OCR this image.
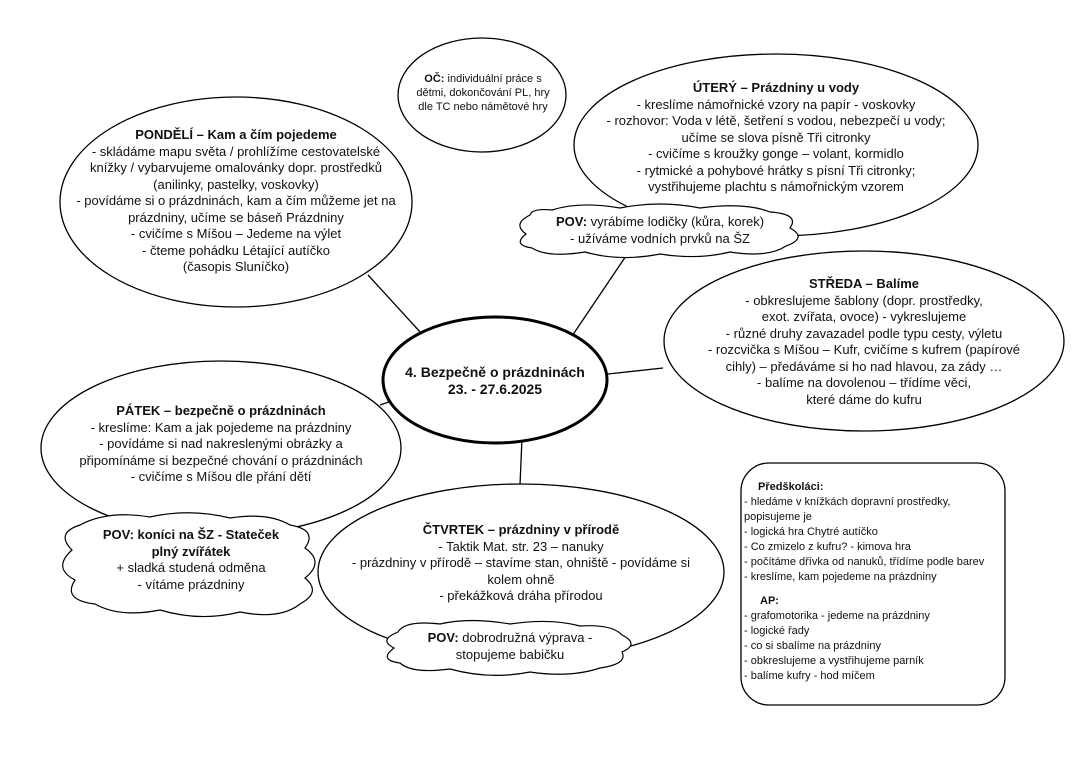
OČ: individuální práce s
dětmi, dokončování PL, hry
dle TC nebo námětové hry
PONDĚLÍ – Kam a čím pojedeme
- skládáme mapu světa / prohlížíme cestovatelské
knížky / vybarvujeme omalovánky dopr. prostředků
(anilinky, pastelky, voskovky)
- povídáme si o prázdninách, kam a čím můžeme jet na
prázdniny, učíme se báseň Prázdniny
- cvičíme s Míšou – Jedeme na výlet
- čteme pohádku Létající autíčko
(časopis Sluníčko)
ÚTERÝ – Prázdniny u vody
- kreslíme námořnické vzory na papír - voskovky
- rozhovor: Voda v létě, šetření s vodou, nebezpečí u vody;
učíme se slova písně Tři citronky
- cvičíme s kroužky gonge – volant, kormidlo
- rytmické a pohybové hrátky s písní Tři citronky;
vystřihujeme plachtu s námořnickým vzorem
POV: vyrábíme lodičky (kůra, korek)
- užíváme vodních prvků na ŠZ
STŘEDA – Balíme
- obkreslujeme šablony (dopr. prostředky,
exot. zvířata, ovoce) - vykreslujeme
- různé druhy zavazadel podle typu cesty, výletu
- rozcvička s Míšou – Kufr, cvičíme s kufrem (papírové
cihly) – předáváme si ho nad hlavou, za zády …
- balíme na dovolenou – třídíme věci,
které dáme do kufru
4. Bezpečně o prázdninách
23. - 27.6.2025
PÁTEK – bezpečně o prázdninách
- kreslíme: Kam a jak pojedeme na prázdniny
- povídáme si nad nakreslenými obrázky a
připomínáme si bezpečné chování o prázdninách
- cvičíme s Míšou dle přání dětí
POV: koníci na ŠZ - Stateček
plný zvířátek
+ sladká studená odměna
- vítáme prázdniny
ČTVRTEK – prázdniny v přírodě
- Taktik Mat. str. 23 – nanuky
- prázdniny v přírodě – stavíme stan, ohniště - povídáme si
kolem ohně
- překážková dráha přírodou
POV: dobrodružná výprava -
stopujeme babičku
Předškoláci:
- hledáme v knížkách dopravní prostředky,
popisujeme je
- logická hra Chytré autíčko
- Co zmizelo z kufru? - kimova hra
- počítáme dřívka od nanuků, třídíme podle barev
- kreslíme, kam pojedeme na prázdniny
AP:
- grafomotorika - jedeme na prázdniny
- logické řady
- co si sbalíme na prázdniny
- obkreslujeme a vystřihujeme parník
- balíme kufry - hod míčem
